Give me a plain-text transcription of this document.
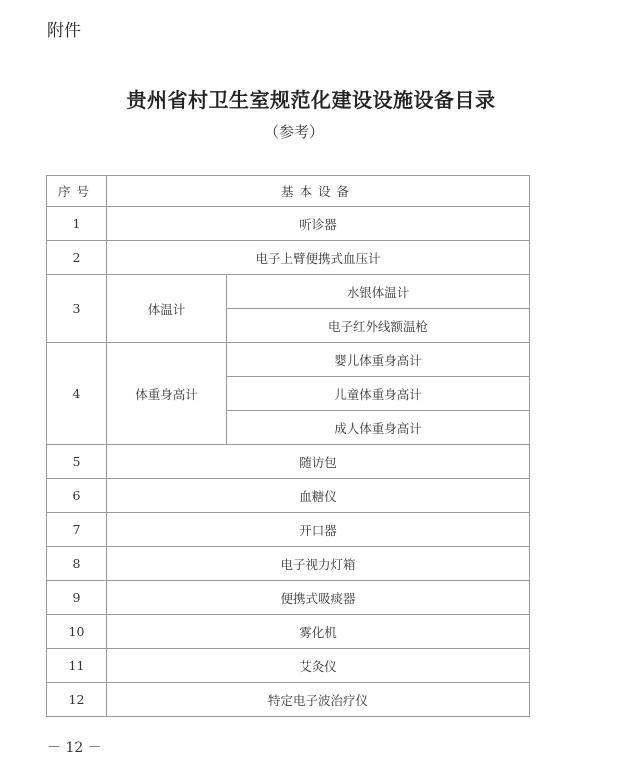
附件
贵州省村卫生室规范化建设设施设备目录
（参考）
序号	基本设备	
1	听诊器	
2	电子上臂便携式血压计	
3	体温计	水银体温计
		电子红外线额温枪
4	体重身高计	婴儿体重身高计
		儿童体重身高计
		成人体重身高计
5	随访包	
6	血糖仪	
7	开口器	
8	电子视力灯箱	
9	便携式吸痰器	
10	雾化机	
11	艾灸仪	
12	特定电子波治疗仪	
－ 12 －
